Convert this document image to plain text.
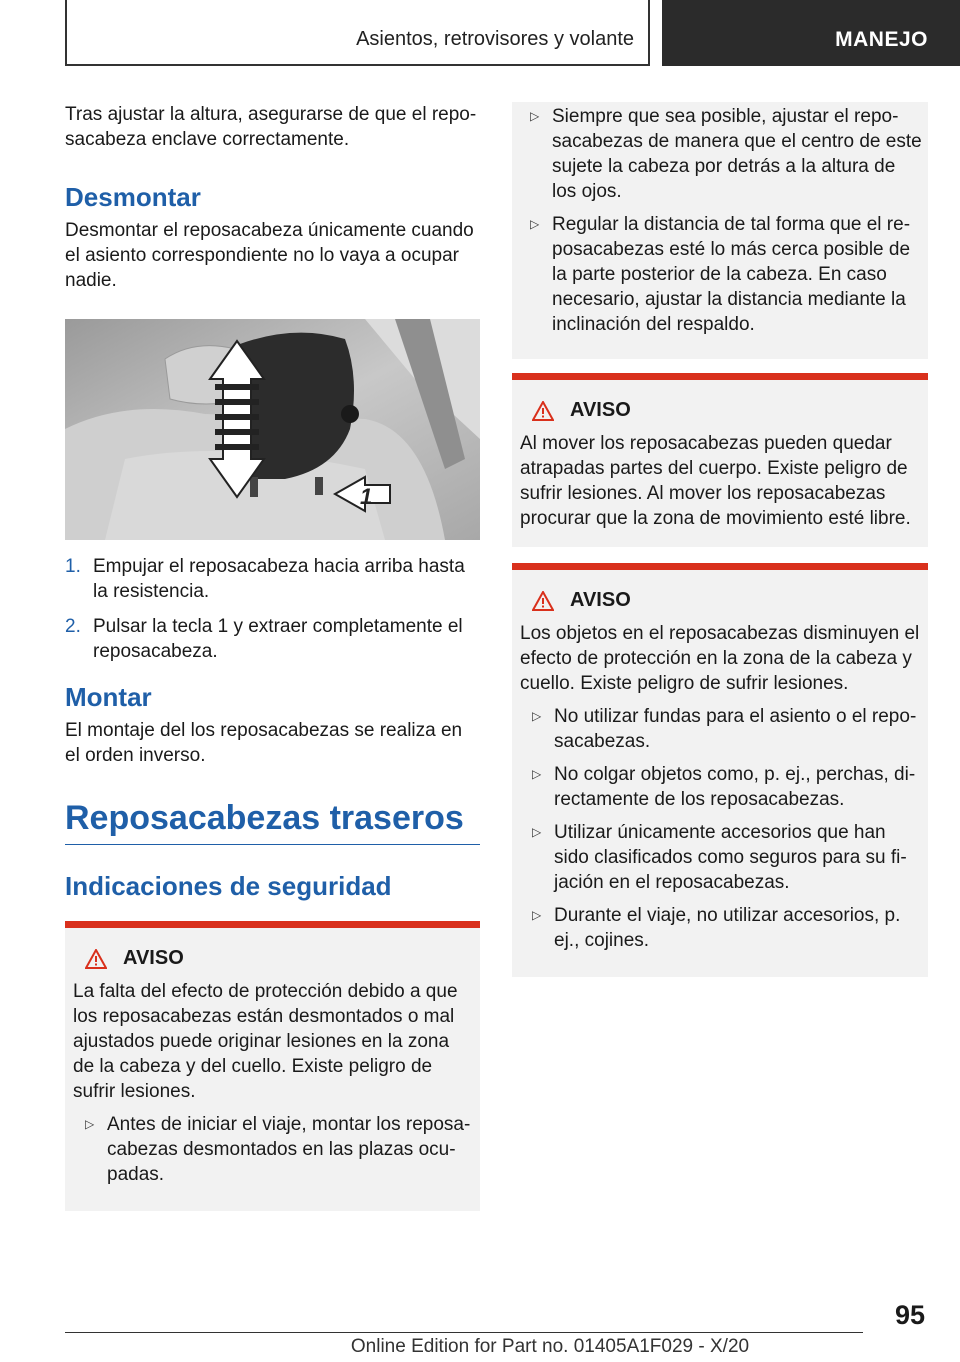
Asientos, retrovisores y volante	MANEJO

Tras ajustar la altura, asegurarse de que el reposacabeza enclave correctamente.

Desmontar

Desmontar el reposacabeza únicamente cuando el asiento correspondiente no lo vaya a ocupar nadie.

1
1. Empujar el reposacabeza hacia arriba hasta la resistencia.
2. Pulsar la tecla 1 y extraer completamente el reposacabeza.
Montar

El montaje del los reposacabezas se realiza en el orden inverso.

Reposacabezas traseros
Indicaciones de seguridad
AVISO

La falta del efecto de protección debido a que los reposacabezas están desmontados o mal ajustados puede originar lesiones en la zona de la cabeza y del cuello. Existe peligro de sufrir lesiones.

▷ Antes de iniciar el viaje, montar los reposacabezas desmontados en las plazas ocupadas.
▷ Siempre que sea posible, ajustar el reposacabezas de manera que el centro de este sujete la cabeza por detrás a la altura de los ojos.
▷ Regular la distancia de tal forma que el reposacabezas esté lo más cerca posible de la parte posterior de la cabeza. En caso necesario, ajustar la distancia mediante la inclinación del respaldo.
AVISO

Al mover los reposacabezas pueden quedar atrapadas partes del cuerpo. Existe peligro de sufrir lesiones. Al mover los reposacabezas procurar que la zona de movimiento esté libre.

AVISO

Los objetos en el reposacabezas disminuyen el efecto de protección en la zona de la cabeza y cuello. Existe peligro de sufrir lesiones.

▷ No utilizar fundas para el asiento o el reposacabezas.
▷ No colgar objetos como, p. ej., perchas, directamente de los reposacabezas.
▷ Utilizar únicamente accesorios que han sido clasificados como seguros para su fijación en el reposacabezas.
▷ Durante el viaje, no utilizar accesorios, p. ej., cojines.
95
Online Edition for Part no. 01405A1F029 - X/20
